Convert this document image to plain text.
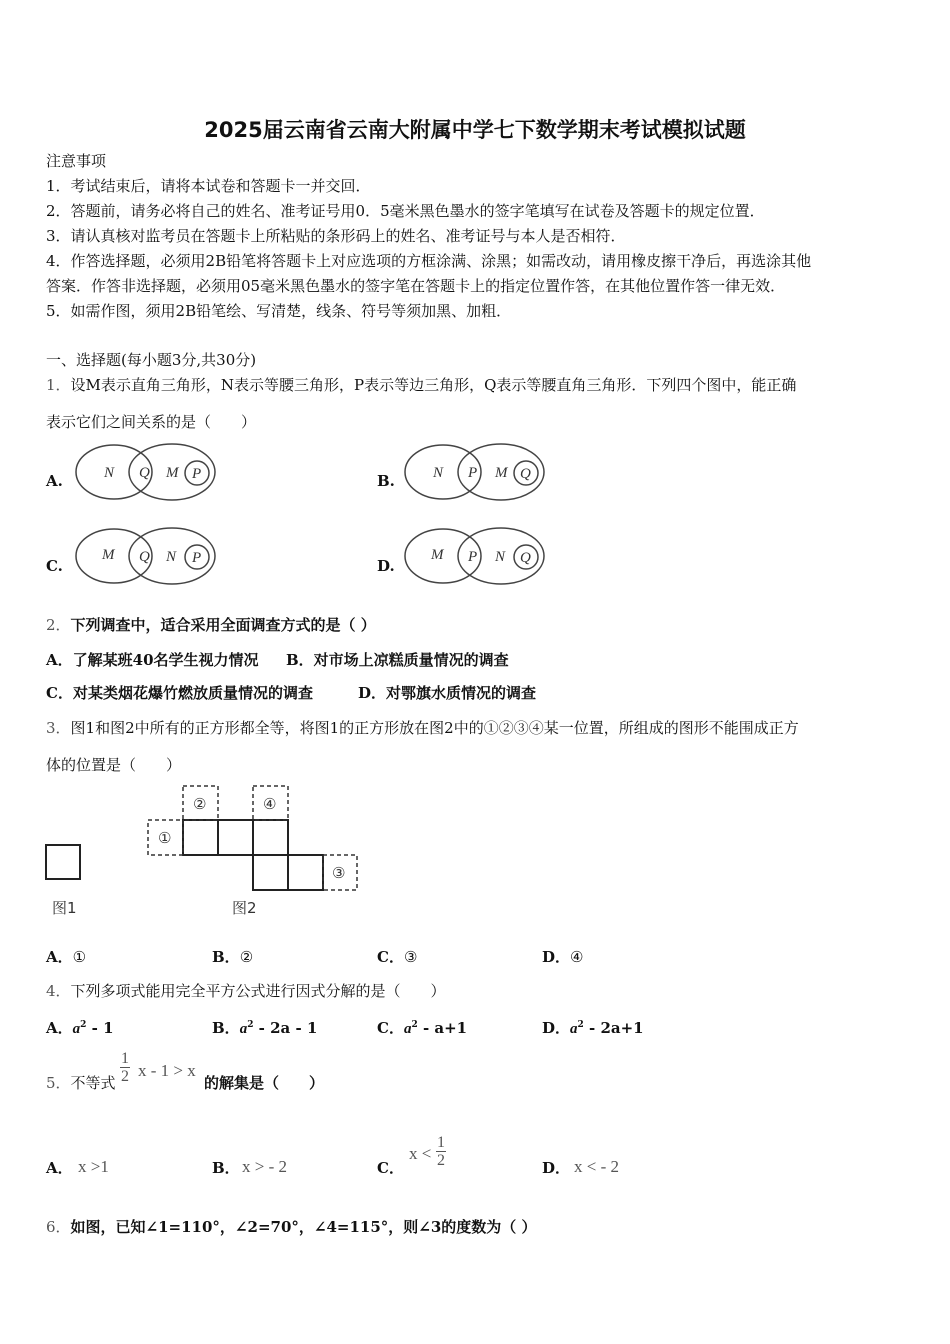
2025届云南省云南大附属中学七下数学期末考试模拟试题
注意事项
1．考试结束后，请将本试卷和答题卡一并交回．
2．答题前，请务必将自己的姓名、准考证号用0．5毫米黑色墨水的签字笔填写在试卷及答题卡的规定位置．
3．请认真核对监考员在答题卡上所粘贴的条形码上的姓名、准考证号与本人是否相符．
4．作答选择题，必须用2B铅笔将答题卡上对应选项的方框涂满、涂黑；如需改动，请用橡皮擦干净后，再选涂其他
答案．作答非选择题，必须用05毫米黑色墨水的签字笔在答题卡上的指定位置作答，在其他位置作答一律无效．
5．如需作图，须用2B铅笔绘、写清楚，线条、符号等须加黑、加粗．
一、选择题(每小题3分,共30分)
1．设M表示直角三角形，N表示等腰三角形，P表示等边三角形，Q表示等腰直角三角形．下列四个图中，能正确
表示它们之间关系的是（　　）
A.	N Q M P	B.	N P M Q
C.
M Q N P	D.
M P N Q
2．下列调查中，适合采用全面调查方式的是（ ）
A．了解某班40名学生视力情况 B．对市场上凉糕质量情况的调查
C．对某类烟花爆竹燃放质量情况的调查	D．对鄂旗水质情况的调查
3．图1和图2中所有的正方形都全等，将图1的正方形放在图2中的①②③④某一位置，所组成的图形不能围成正方
体的位置是（　　）
①
②
③
④
图1	图2
A．①	B．②	C．③	D．④
4．下列多项式能用完全平方公式进行因式分解的是（　　）
A．$a^2 - 1$	B．$a^2 - 2a - 1$	C．$a^2 - a+1$	D．$a^2 - 2a+1$
5．不等式
1
2 x - 1 > x
的解集是（　　）
A． x >1	B． x > - 2	C．
x <
1
2	D． x < - 2
6．如图，已知∠1=110°，∠2=70°，∠4=115°，则∠3的度数为（ ）
